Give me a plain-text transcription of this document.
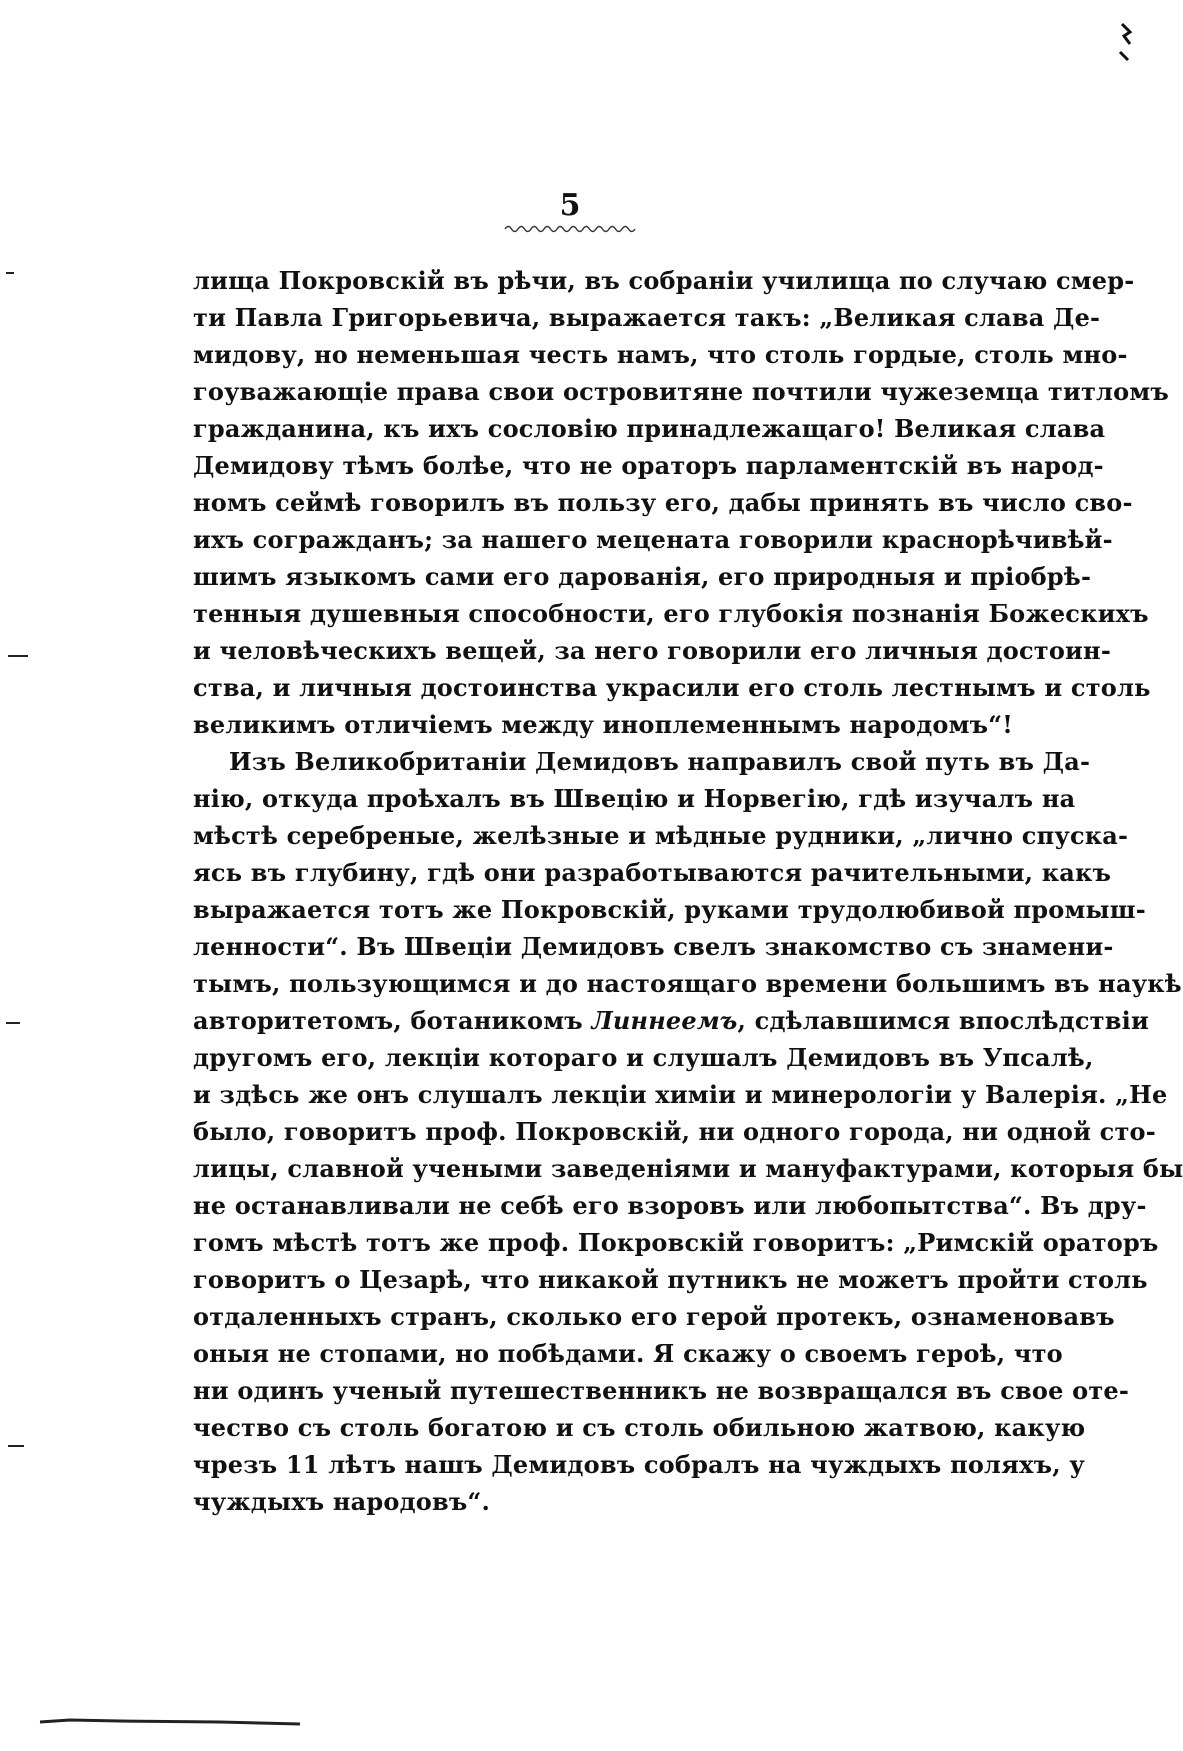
5
лища Покровскій въ рѣчи, въ собраніи училища по случаю смер-
ти Павла Григорьевича, выражается такъ: „Великая слава Де-
мидову, но неменьшая честь намъ, что столь гордые, столь мно-
гоуважающіе права свои островитяне почтили чужеземца титломъ
гражданина, къ ихъ сословію принадлежащаго! Великая слава
Демидову тѣмъ болѣе, что не ораторъ парламентскій въ народ-
номъ сеймѣ говорилъ въ пользу его, дабы принять въ число сво-
ихъ согражданъ; за нашего мецената говорили краснорѣчивѣй-
шимъ языкомъ сами его дарованія, его природныя и пріобрѣ-
тенныя душевныя способности, его глубокія познанія Божескихъ
и человѣческихъ вещей, за него говорили его личныя достоин-
ства, и личныя достоинства украсили его столь лестнымъ и столь
великимъ отличіемъ между иноплеменнымъ народомъ“!
Изъ Великобританіи Демидовъ направилъ свой путь въ Да-
нію, откуда проѣхалъ въ Швецію и Норвегію, гдѣ изучалъ на
мѣстѣ серебреные, желѣзные и мѣдные рудники, „лично спуска-
ясь въ глубину, гдѣ они разработываются рачительными, какъ
выражается тотъ же Покровскій, руками трудолюбивой промыш-
ленности“. Въ Швеціи Демидовъ свелъ знакомство съ знамени-
тымъ, пользующимся и до настоящаго времени большимъ въ наукѣ
авторитетомъ, ботаникомъ Линнеемъ, сдѣлавшимся впослѣдствіи
другомъ его, лекціи котораго и слушалъ Демидовъ въ Упсалѣ,
и здѣсь же онъ слушалъ лекціи химіи и минерологіи у Валерія. „Не
было, говоритъ проф. Покровскій, ни одного города, ни одной сто-
лицы, славной учеными заведеніями и мануфактурами, которыя бы
не останавливали не себѣ его взоровъ или любопытства“. Въ дру-
гомъ мѣстѣ тотъ же проф. Покровскій говоритъ: „Римскій ораторъ
говоритъ о Цезарѣ, что никакой путникъ не можетъ пройти столь
отдаленныхъ странъ, сколько его герой протекъ, ознаменовавъ
оныя не стопами, но побѣдами. Я скажу о своемъ героѣ, что
ни одинъ ученый путешественникъ не возвращался въ свое оте-
чество съ столь богатою и съ столь обильною жатвою, какую
чрезъ 11 лѣтъ нашъ Демидовъ собралъ на чуждыхъ поляхъ, у
чуждыхъ народовъ“.
